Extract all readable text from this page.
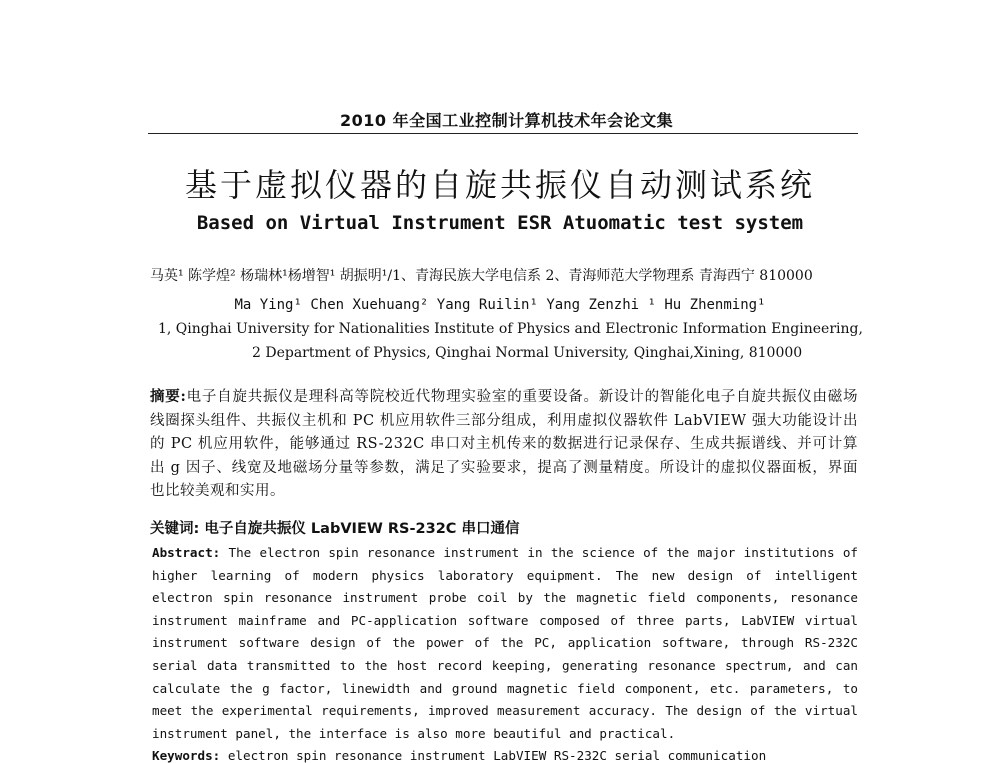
2010 年全国工业控制计算机技术年会论文集
基于虚拟仪器的自旋共振仪自动测试系统
Based on Virtual Instrument ESR Atuomatic test system
马英¹ 陈学煌² 杨瑞林¹杨增智¹ 胡振明¹/1、青海民族大学电信系 2、青海师范大学物理系 青海西宁 810000
Ma Ying¹ Chen Xuehuang² Yang Ruilin¹ Yang Zenzhi ¹ Hu Zhenming¹
1, Qinghai University for Nationalities Institute of Physics and Electronic Information Engineering,
2 Department of Physics, Qinghai Normal University, Qinghai,Xining, 810000
摘要:电子自旋共振仪是理科高等院校近代物理实验室的重要设备。新设计的智能化电子自旋共振仪由磁场线圈探头组件、共振仪主机和 PC 机应用软件三部分组成，利用虚拟仪器软件 LabVIEW 强大功能设计出的 PC 机应用软件，能够通过 RS-232C 串口对主机传来的数据进行记录保存、生成共振谱线、并可计算出 g 因子、线宽及地磁场分量等参数，满足了实验要求，提高了测量精度。所设计的虚拟仪器面板，界面也比较美观和实用。
关键词: 电子自旋共振仪 LabVIEW RS-232C 串口通信
Abstract: The electron spin resonance instrument in the science of the major institutions of higher learning of modern physics laboratory equipment. The new design of intelligent electron spin resonance instrument probe coil by the magnetic field components, resonance instrument mainframe and PC-application software composed of three parts, LabVIEW virtual instrument software design of the power of the PC, application software, through RS-232C serial data transmitted to the host record keeping, generating resonance spectrum, and can calculate the g factor, linewidth and ground magnetic field component, etc. parameters, to meet the experimental requirements, improved measurement accuracy. The design of the virtual instrument panel, the interface is also more beautiful and practical.
Keywords: electron spin resonance instrument LabVIEW RS-232C serial communication
